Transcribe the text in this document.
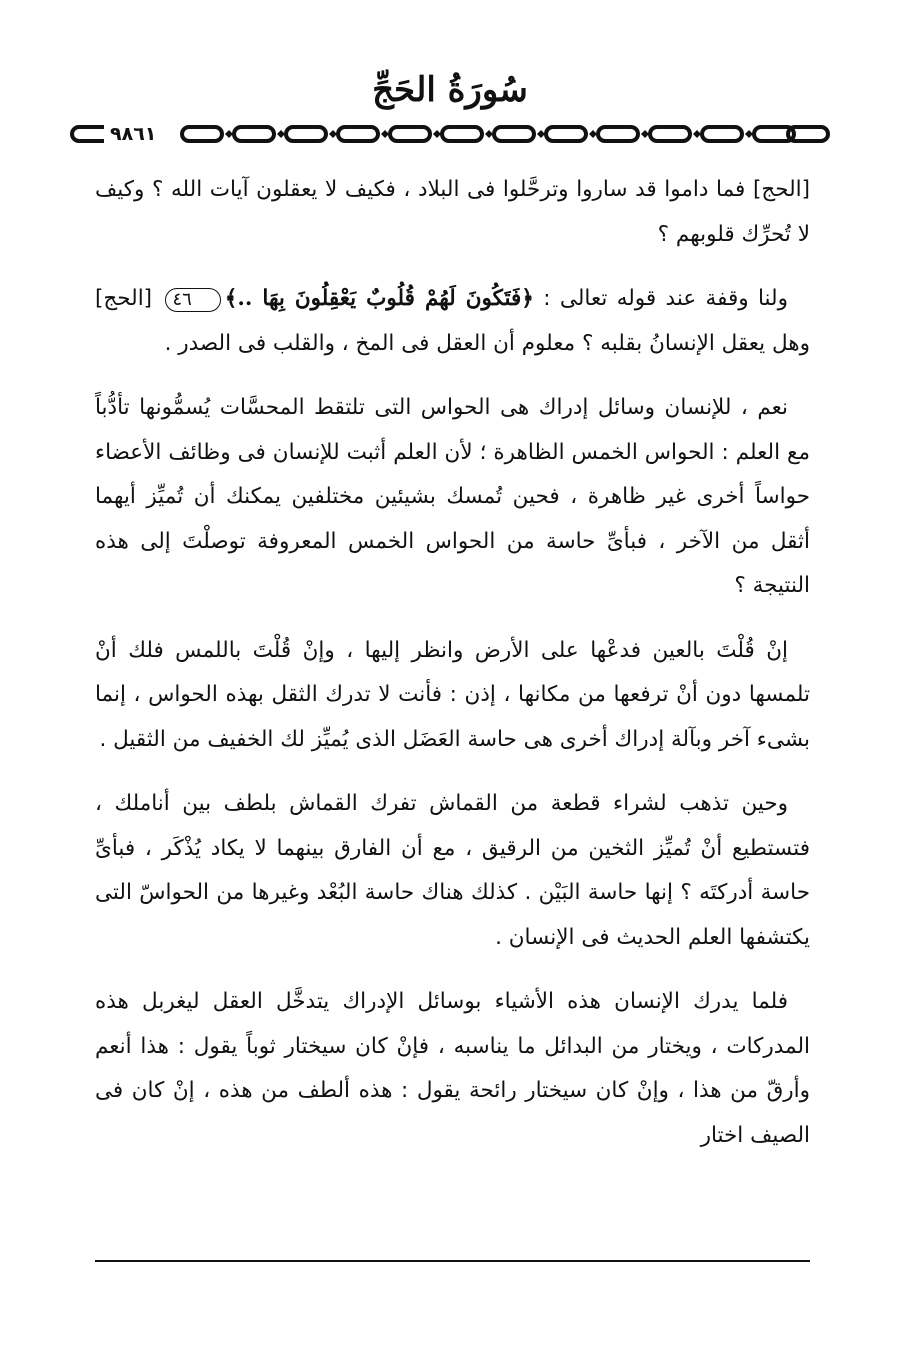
سُورَةُ الحَجِّ
٩٨٦١

[الحج] فما داموا قد ساروا وترحَّلوا فى البلاد ، فكيف لا يعقلون آيات الله ؟ وكيف لا تُحرِّك قلوبهم ؟

ولنا وقفة عند قوله تعالى : ﴿فَتَكُونَ لَهُمْ قُلُوبٌ يَعْقِلُونَ بِهَا ..﴾٤٦ [الحج] وهل يعقل الإنسانُ بقلبه ؟ معلوم أن العقل فى المخ ، والقلب فى الصدر .

نعم ، للإنسان وسائل إدراك هى الحواس التى تلتقط المحسَّات يُسمُّونها تأدُّباً مع العلم : الحواس الخمس الظاهرة ؛ لأن العلم أثبت للإنسان فى وظائف الأعضاء حواساً أخرى غير ظاهرة ، فحين تُمسك بشيئين مختلفين يمكنك أن تُميِّز أيهما أثقل من الآخر ، فبأىِّ حاسة من الحواس الخمس المعروفة توصلْتَ إلى هذه النتيجة ؟

إنْ قُلْتَ بالعين فدعْها على الأرض وانظر إليها ، وإنْ قُلْتَ باللمس فلك أنْ تلمسها دون أنْ ترفعها من مكانها ، إذن : فأنت لا تدرك الثقل بهذه الحواس ، إنما بشىء آخر وبآلة إدراك أخرى هى حاسة العَضَل الذى يُميِّز لك الخفيف من الثقيل .

وحين تذهب لشراء قطعة من القماش تفرك القماش بلطف بين أناملك ، فتستطيع أنْ تُميِّز الثخين من الرقيق ، مع أن الفارق بينهما لا يكاد يُذْكَر ، فبأىِّ حاسة أدركتَه ؟ إنها حاسة البَيْن . كذلك هناك حاسة البُعْد وغيرها من الحواسّ التى يكتشفها العلم الحديث فى الإنسان .

فلما يدرك الإنسان هذه الأشياء بوسائل الإدراك يتدخَّل العقل ليغربل هذه المدركات ، ويختار من البدائل ما يناسبه ، فإنْ كان سيختار ثوباً يقول : هذا أنعم وأرقّ من هذا ، وإنْ كان سيختار رائحة يقول : هذه ألطف من هذه ، إنْ كان فى الصيف اختار
